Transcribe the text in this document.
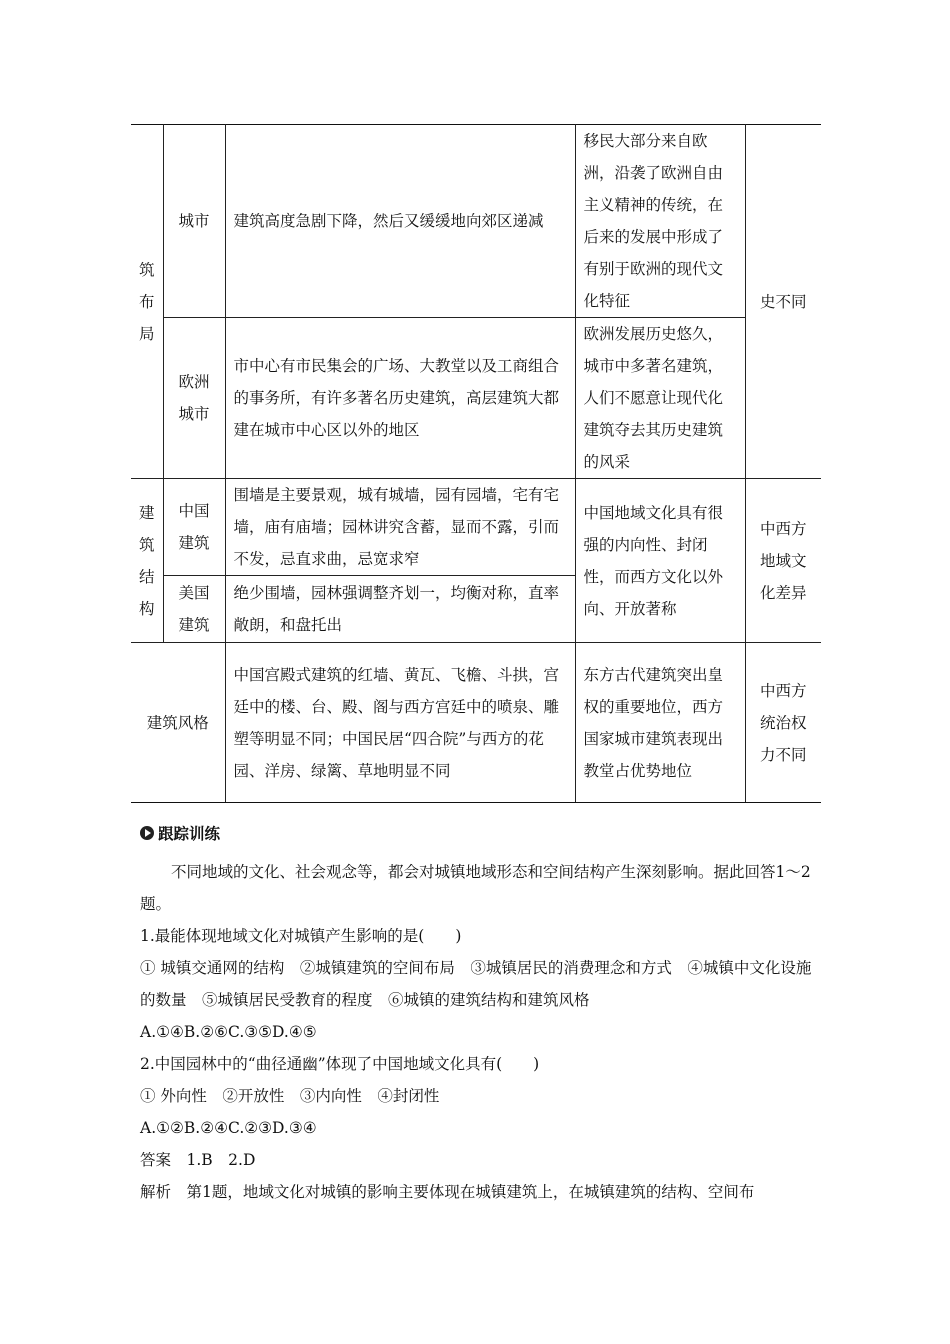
筑布局	城市	建筑高度急剧下降，然后又缓缓地向郊区递减	移民大部分来自欧洲，沿袭了欧洲自由主义精神的传统，在后来的发展中形成了有别于欧洲的现代文化特征	史不同

	欧洲城市	市中心有市民集会的广场、大教堂以及工商组合的事务所，有许多著名历史建筑，高层建筑大都建在城市中心区以外的地区	欧洲发展历史悠久，城市中多著名建筑，人们不愿意让现代化建筑夺去其历史建筑的风采	

建筑结构	中国建筑	围墙是主要景观，城有城墙，园有园墙，宅有宅墙，庙有庙墙；园林讲究含蓄，显而不露，引而不发，忌直求曲，忌宽求窄	中国地域文化具有很强的内向性、封闭性，而西方文化以外向、开放著称	中西方地域文化差异

	美国建筑	绝少围墙，园林强调整齐划一，均衡对称，直率敞朗，和盘托出		
建筑风格		中国宫殿式建筑的红墙、黄瓦、飞檐、斗拱，宫廷中的楼、台、殿、阁与西方宫廷中的喷泉、雕塑等明显不同；中国民居“四合院”与西方的花园、洋房、绿篱、草地明显不同	东方古代建筑突出皇权的重要地位，西方国家城市建筑表现出教堂占优势地位	中西方统治权力不同
跟踪训练

不同地域的文化、社会观念等，都会对城镇地域形态和空间结构产生深刻影响。据此回答1～2题。

1.最能体现地域文化对城镇产生影响的是(　　)

① 城镇交通网的结构　②城镇建筑的空间布局　③城镇居民的消费理念和方式　④城镇中文化设施的数量　⑤城镇居民受教育的程度　⑥城镇的建筑结构和建筑风格

A.①④B.②⑥C.③⑤D.④⑤

2.中国园林中的“曲径通幽”体现了中国地域文化具有(　　)

① 外向性　②开放性　③内向性　④封闭性

A.①②B.②④C.②③D.③④

答案　1.B　2.D

解析　第1题，地域文化对城镇的影响主要体现在城镇建筑上，在城镇建筑的结构、空间布
